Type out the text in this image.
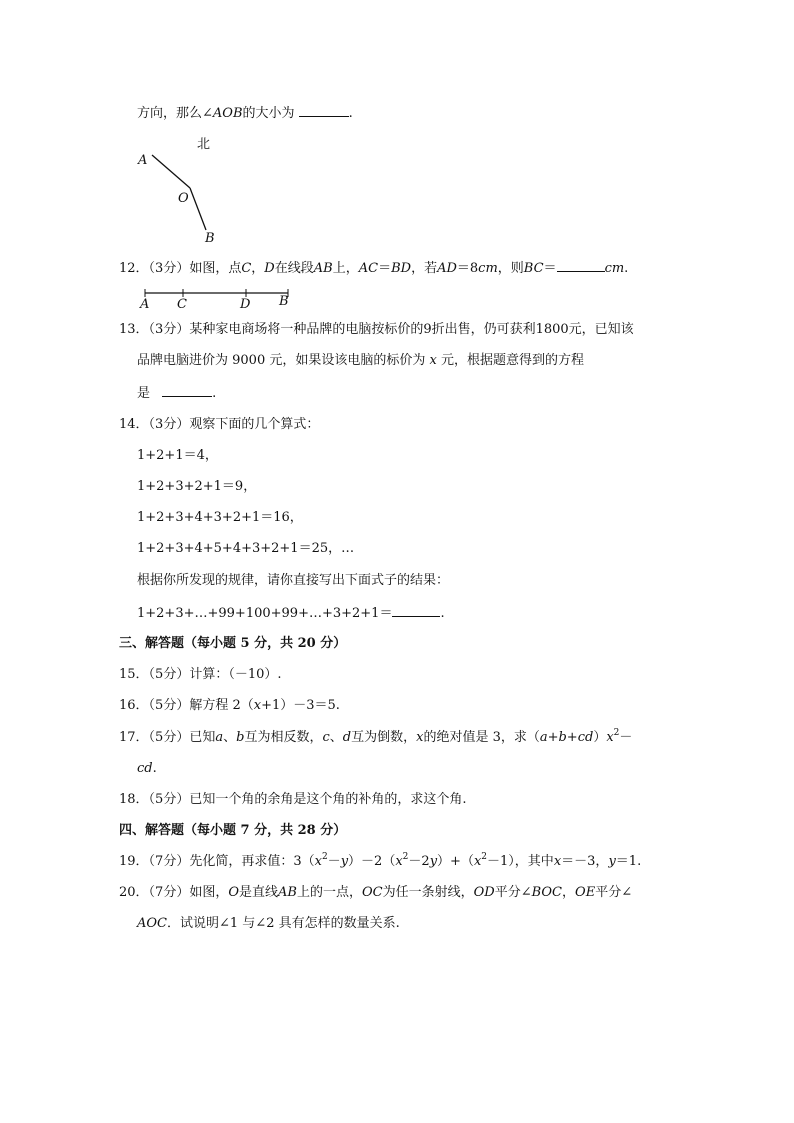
方向，那么∠AOB的大小为	.
北
A
O
B
12．（3分）如图，点C，D在线段AB上，AC＝BD，若AD＝8cm，则BC＝	cm.
A C	D B
13．（3分）某种家电商场将一种品牌的电脑按标价的9折出售，仍可获利1800元，已知该
品牌电脑进价为 9000 元，如果设该电脑的标价为 x 元，根据题意得到的方程
是	.
14．（3分）观察下面的几个算式：
1+2+1＝4，
1+2+3+2+1＝9，
1+2+3+4+3+2+1＝16，
1+2+3+4+5+4+3+2+1＝25，…
根据你所发现的规律，请你直接写出下面式子的结果：
1+2+3+…+99+100+99+…+3+2+1＝	.
三、解答题（每小题 5 分，共 20 分）
15．（5分）计算：（－10）.
16．（5分）解方程 2（x+1）－3＝5.
17．（5分）已知a、b互为相反数，c、d互为倒数，x的绝对值是 3，求$(a+b+cd)x^2-$
cd.
18．（5分）已知一个角的余角是这个角的补角的，求这个角.
四、解答题（每小题 7 分，共 28 分）
19．（7分）先化简，再求值：$3(x^2-y)-2(x^2-2y)+(x^2-1)$，其中x＝－3，y＝1.
20．（7分）如图，O是直线AB上的一点，OC为任一条射线，OD平分∠BOC，OE平分∠
AOC．试说明∠1 与∠2 具有怎样的数量关系.
